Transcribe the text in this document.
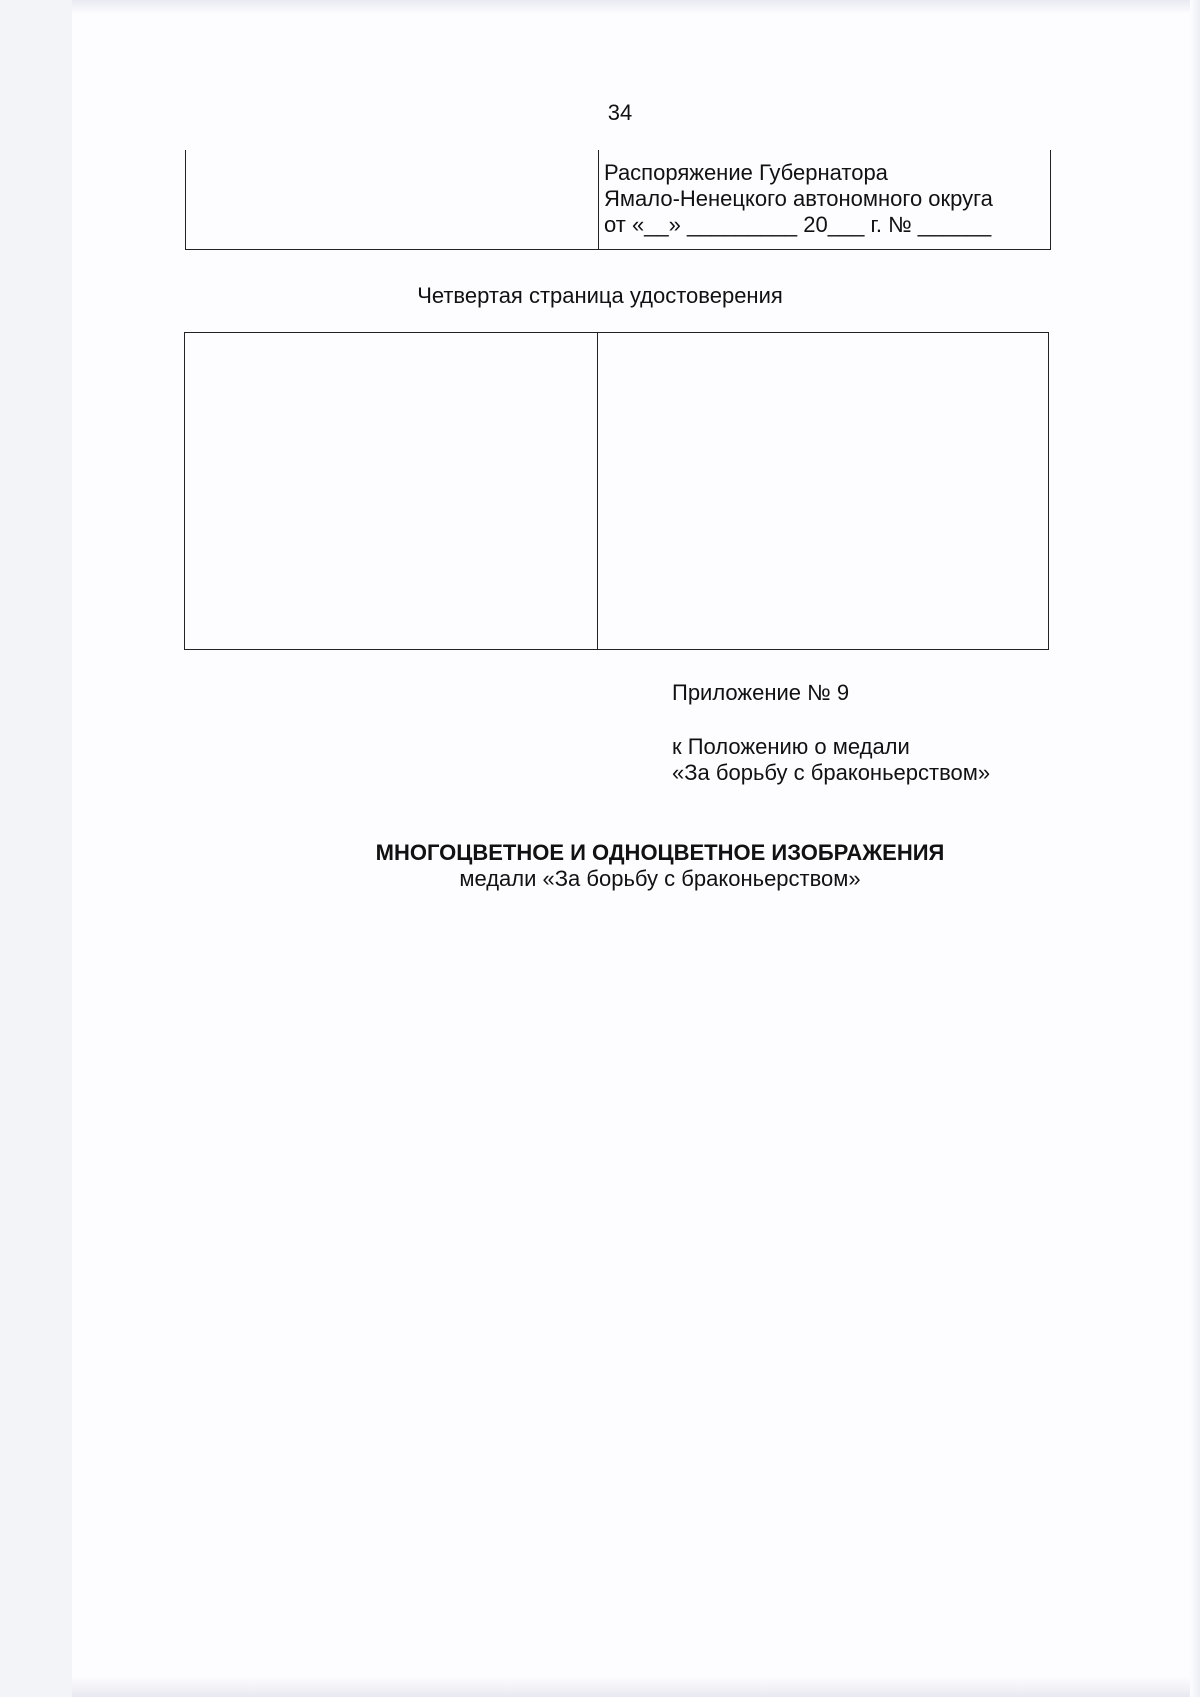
34
Распоряжение Губернатора
Ямало-Ненецкого автономного округа
от «__» _________ 20___ г. № ______
Четвертая страница удостоверения
Приложение № 9
к Положению о медали
«За борьбу с браконьерством»
МНОГОЦВЕТНОЕ И ОДНОЦВЕТНОЕ ИЗОБРАЖЕНИЯ
медали «За борьбу с браконьерством»
